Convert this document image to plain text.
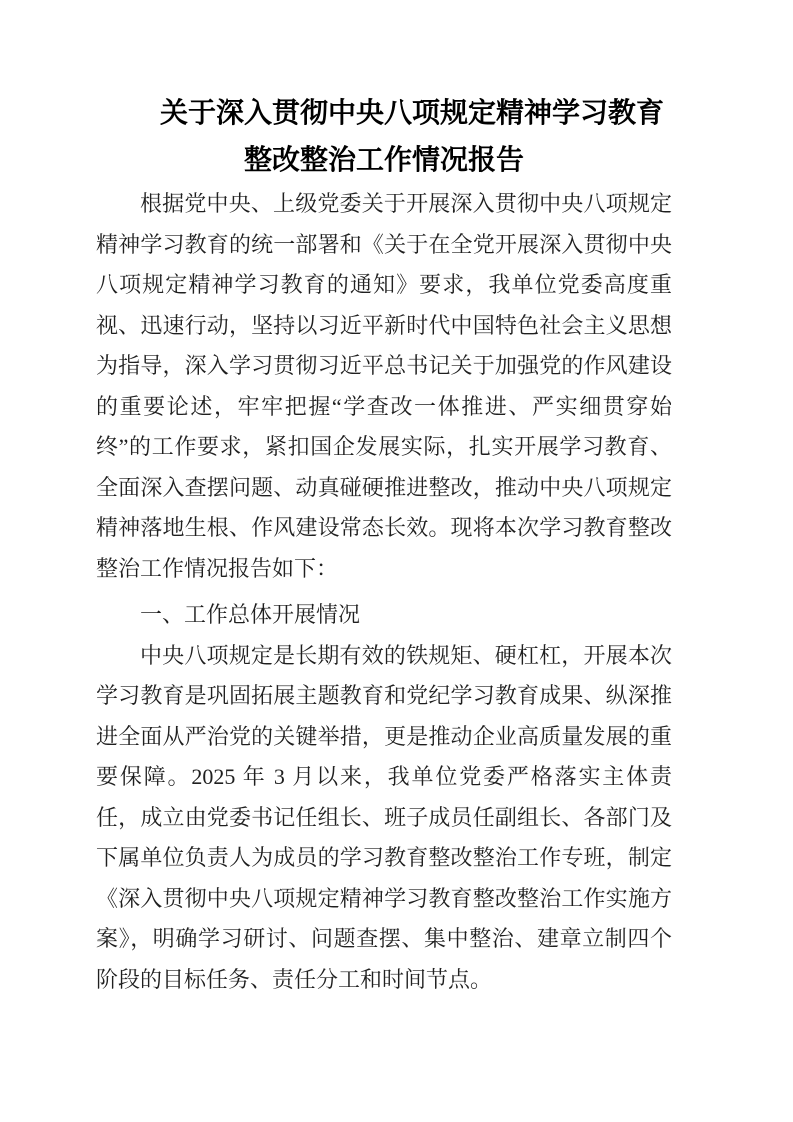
关于深入贯彻中央八项规定精神学习教育
整改整治工作情况报告

根据党中央、上级党委关于开展深入贯彻中央八项规定精神学习教育的统一部署和《关于在全党开展深入贯彻中央八项规定精神学习教育的通知》要求，我单位党委高度重视、迅速行动，坚持以习近平新时代中国特色社会主义思想为指导，深入学习贯彻习近平总书记关于加强党的作风建设的重要论述，牢牢把握“学查改一体推进、严实细贯穿始终”的工作要求，紧扣国企发展实际，扎实开展学习教育、全面深入查摆问题、动真碰硬推进整改，推动中央八项规定精神落地生根、作风建设常态长效。现将本次学习教育整改整治工作情况报告如下：

一、工作总体开展情况

中央八项规定是长期有效的铁规矩、硬杠杠，开展本次学习教育是巩固拓展主题教育和党纪学习教育成果、纵深推进全面从严治党的关键举措，更是推动企业高质量发展的重要保障。2025 年 3 月以来，我单位党委严格落实主体责任，成立由党委书记任组长、班子成员任副组长、各部门及下属单位负责人为成员的学习教育整改整治工作专班，制定《深入贯彻中央八项规定精神学习教育整改整治工作实施方案》，明确学习研讨、问题查摆、集中整治、建章立制四个阶段的目标任务、责任分工和时间节点。
